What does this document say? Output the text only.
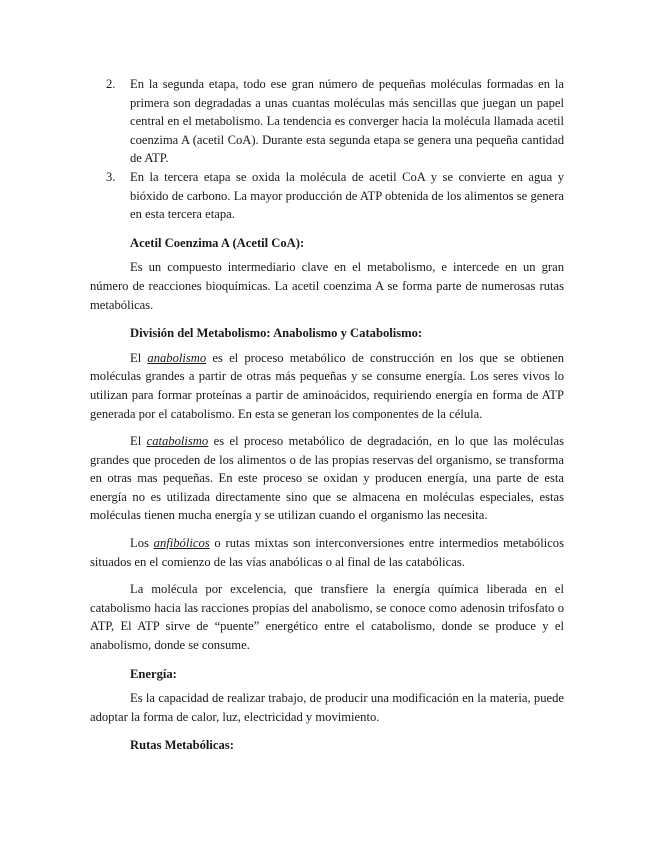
2. En la segunda etapa, todo ese gran número de pequeñas moléculas formadas en la primera son degradadas a unas cuantas moléculas más sencillas que juegan un papel central en el metabolismo. La tendencia es converger hacia la molécula llamada acetil coenzima A (acetil CoA). Durante esta segunda etapa se genera una pequeña cantidad de ATP.
3. En la tercera etapa se oxida la molécula de acetil CoA y se convierte en agua y bióxido de carbono. La mayor producción de ATP obtenida de los alimentos se genera en esta tercera etapa.
Acetil Coenzima A (Acetil CoA):

Es un compuesto intermediario clave en el metabolismo, e intercede en un gran número de reacciones bioquímicas. La acetil coenzima A se forma parte de numerosas rutas metabólicas.

División del Metabolismo: Anabolismo y Catabolismo:

El anabolismo es el proceso metabólico de construcción en los que se obtienen moléculas grandes a partir de otras más pequeñas y se consume energía. Los seres vivos lo utilizan para formar proteínas a partir de aminoácidos, requiriendo energía en forma de ATP generada por el catabolismo. En esta se generan los componentes de la célula.

El catabolismo es el proceso metabólico de degradación, en lo que las moléculas grandes que proceden de los alimentos o de las propias reservas del organismo, se transforma en otras mas pequeñas. En este proceso se oxidan y producen energía, una parte de esta energía no es utilizada directamente sino que se almacena en moléculas especiales, estas moléculas tienen mucha energía y se utilizan cuando el organismo las necesita.

Los anfibólicos o rutas mixtas son interconversiones entre intermedios metabólicos situados en el comienzo de las vías anabólicas o al final de las catabólicas.

La molécula por excelencia, que transfiere la energía química liberada en el catabolismo hacia las racciones propias del anabolismo, se conoce como adenosin trifosfato o ATP, El ATP sirve de “puente” energético entre el catabolismo, donde se produce y el anabolismo, donde se consume.

Energía:

Es la capacidad de realizar trabajo, de producir una modificación en la materia, puede adoptar la forma de calor, luz, electricidad y movimiento.

Rutas Metabólicas:
